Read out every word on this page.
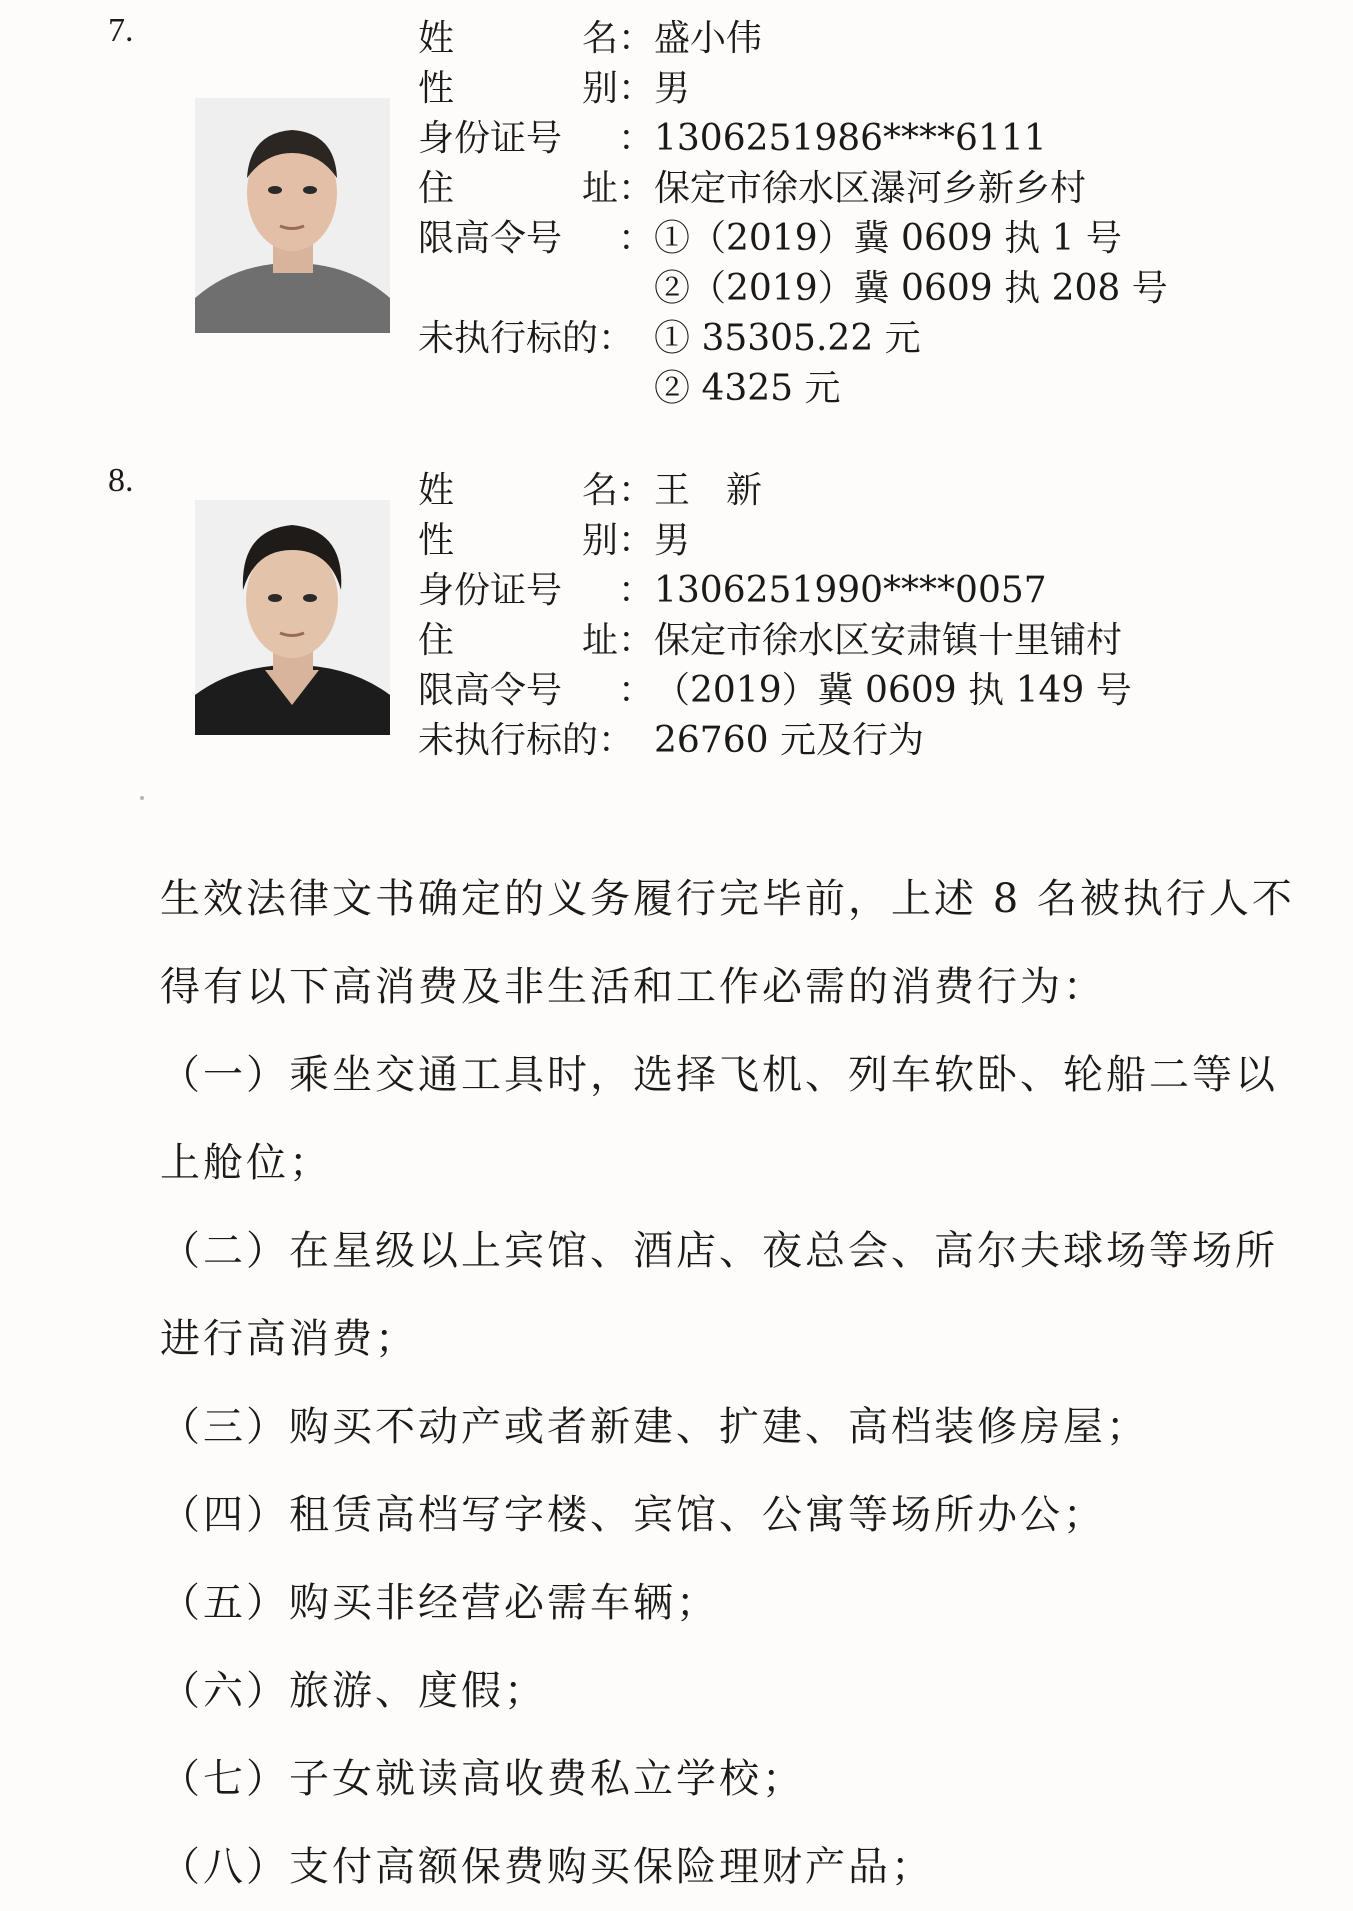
7.	姓	名 ： 盛小伟
性	别 ： 男
身份证号	： 1306251986****6111
住	址 ： 保定市徐水区瀑河乡新乡村
限高令号	： ①（2019）冀 0609 执 1 号
②（2019）冀 0609 执 208 号
未执行标的： ① 35305.22 元
② 4325 元
8.	姓	名 ： 王　新
性	别 ： 男
身份证号	： 1306251990****0057
住	址 ： 保定市徐水区安肃镇十里铺村
限高令号	： （2019）冀 0609 执 149 号
未执行标的： 26760 元及行为

生效法律文书确定的义务履行完毕前，上述 8 名被执行人不得有以下高消费及非生活和工作必需的消费行为：

（一）乘坐交通工具时，选择飞机、列车软卧、轮船二等以上舱位；

（二）在星级以上宾馆、酒店、夜总会、高尔夫球场等场所进行高消费；

（三）购买不动产或者新建、扩建、高档装修房屋；

（四）租赁高档写字楼、宾馆、公寓等场所办公；

（五）购买非经营必需车辆；

（六）旅游、度假；

（七）子女就读高收费私立学校；

（八）支付高额保费购买保险理财产品；
